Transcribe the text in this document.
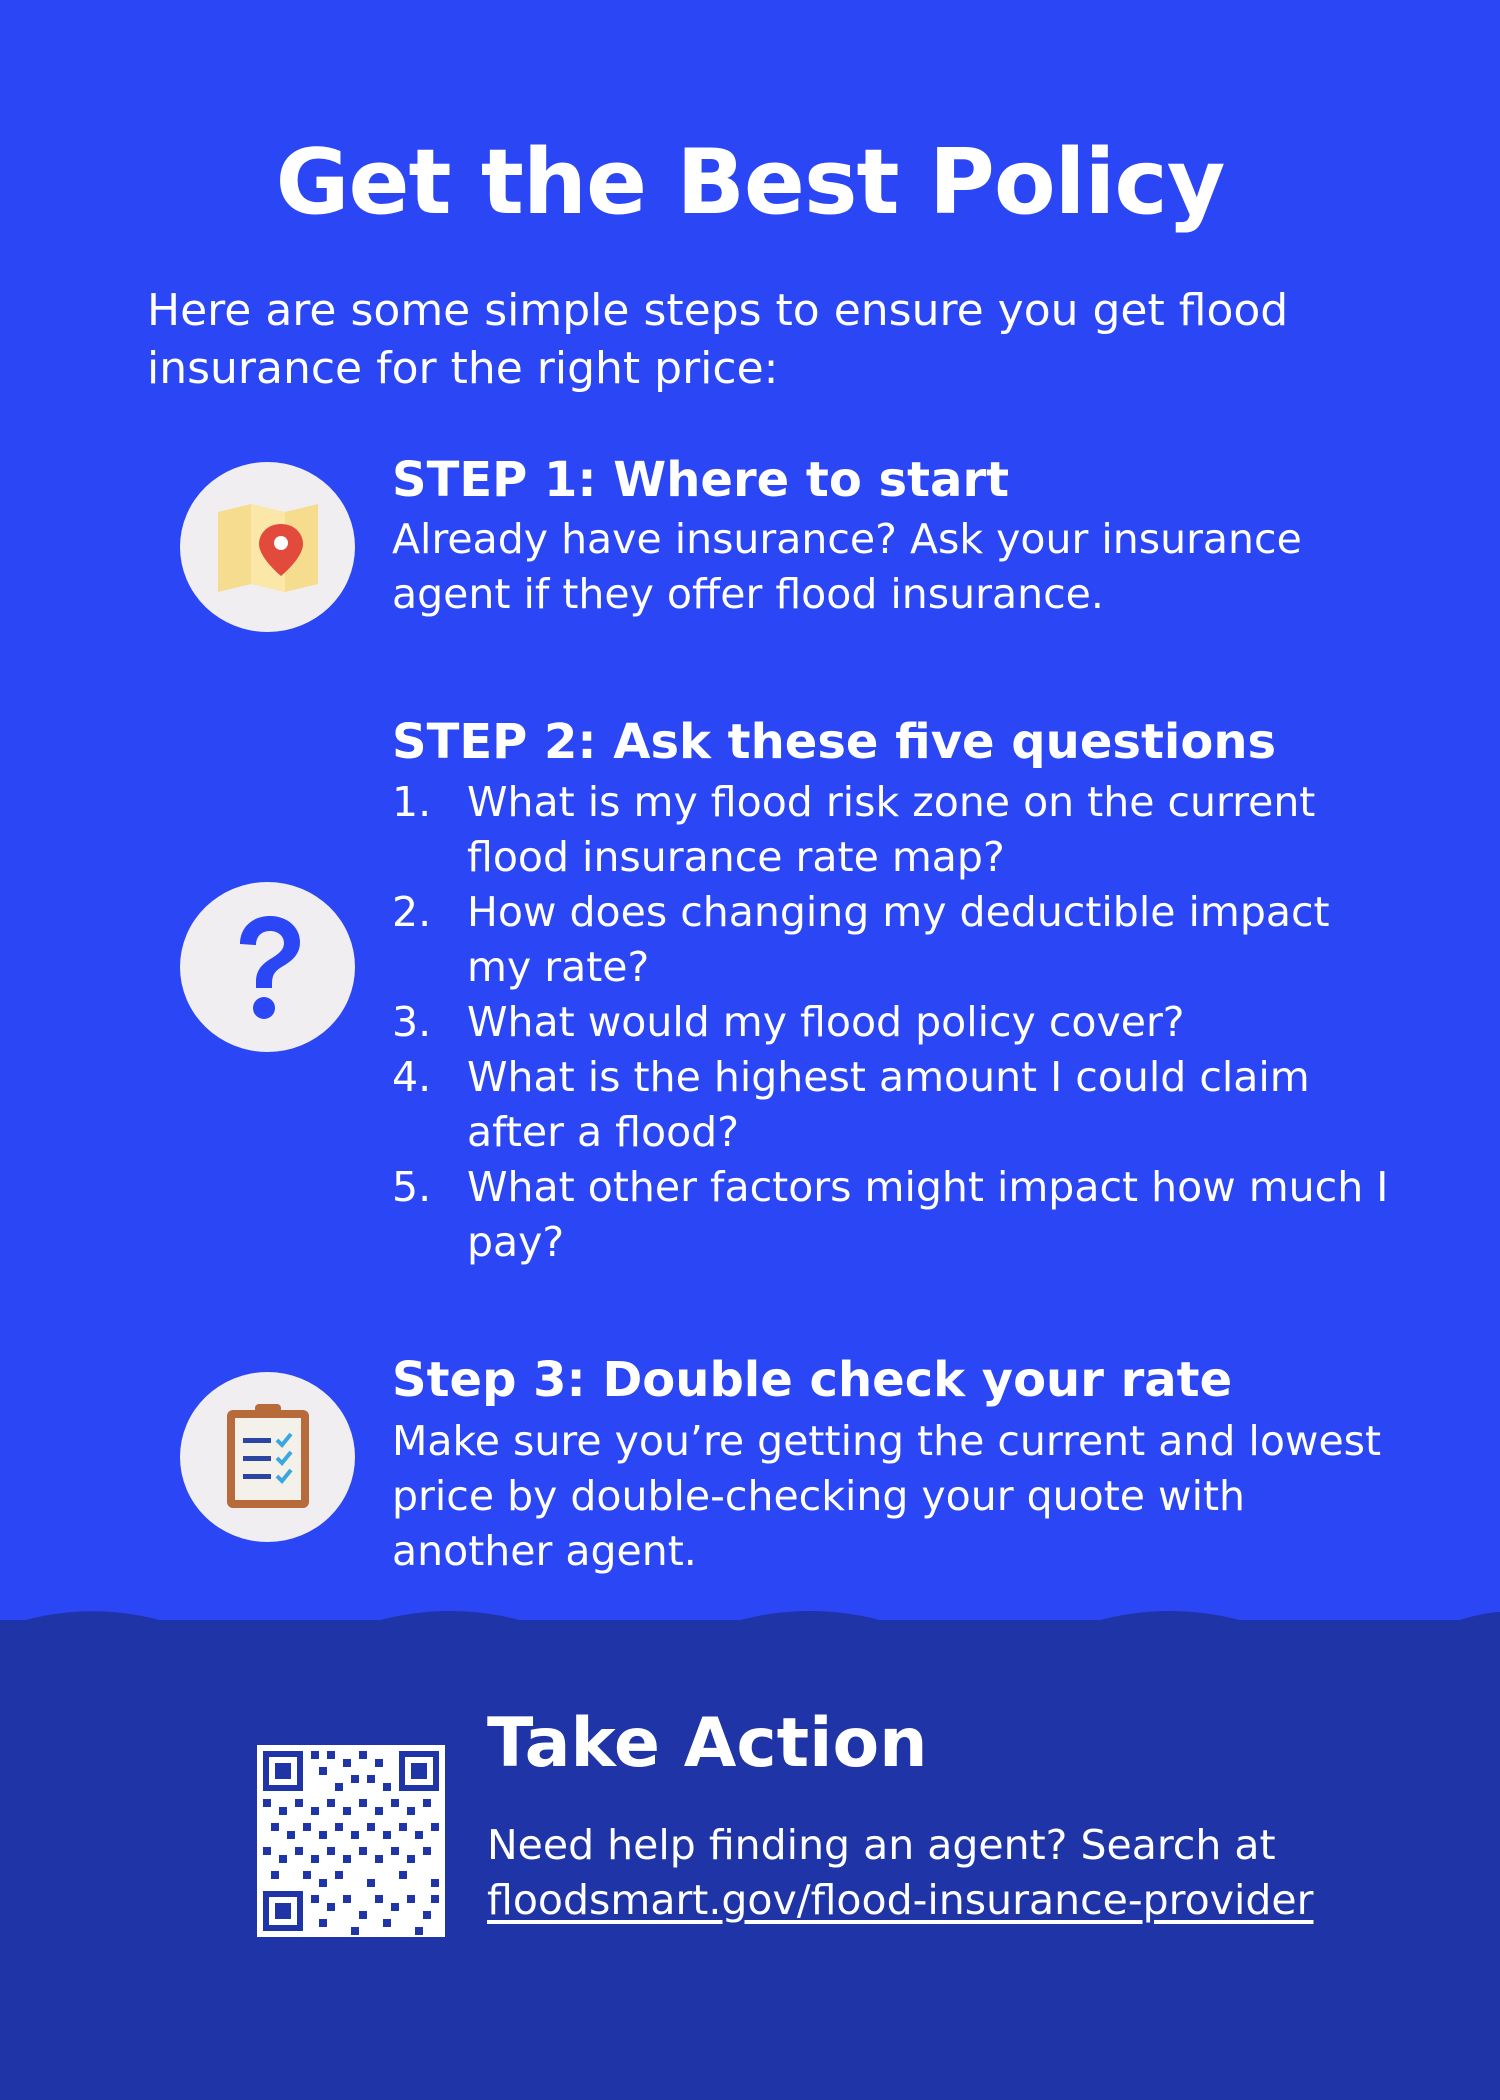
Get the Best Policy

Here are some simple steps to ensure you get flood insurance for the right price:

STEP 1: Where to start

Already have insurance? Ask your insurance agent if they offer flood insurance.

STEP 2: Ask these five questions
1. What is my flood risk zone on the current flood insurance rate map?
2. How does changing my deductible impact my rate?
3. What would my flood policy cover?
4. What is the highest amount I could claim after a flood?
5. What other factors might impact how much I pay?
Step 3: Double check your rate

Make sure you’re getting the current and lowest price by double-checking your quote with another agent.

Take Action

Need help finding an agent? Search at
floodsmart.gov/flood-insurance-provider
